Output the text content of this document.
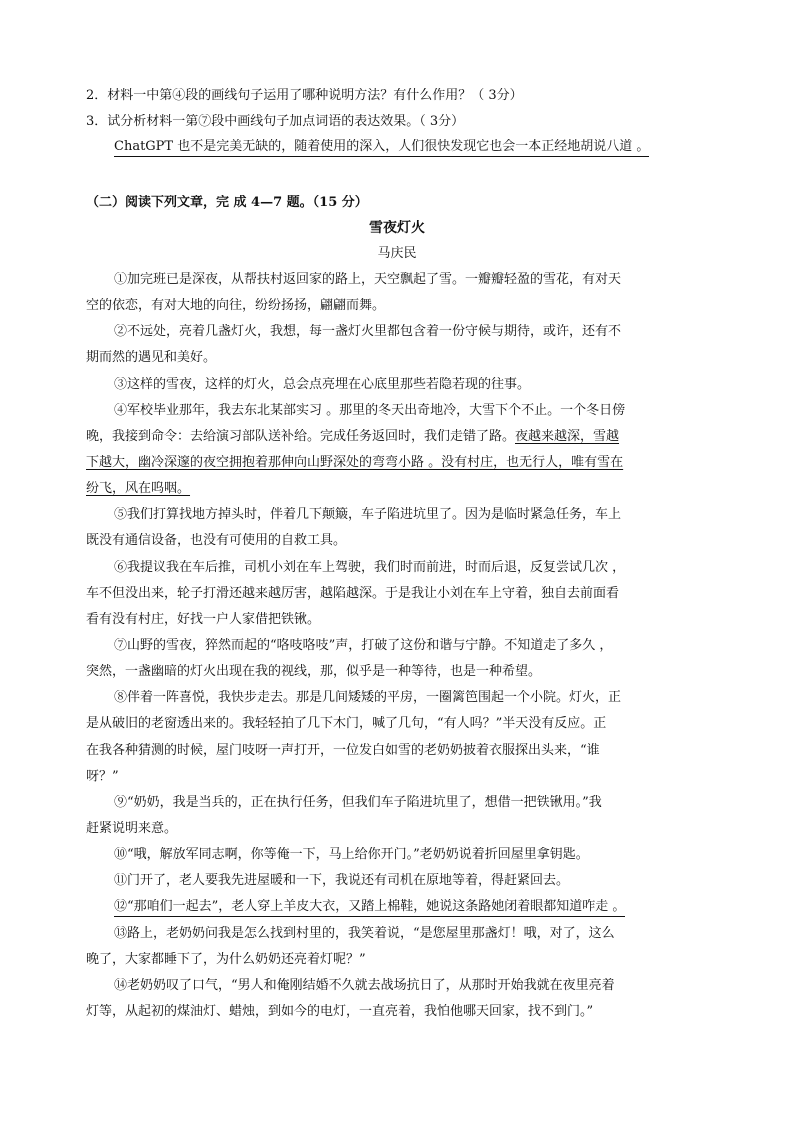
2．材料一中第④段的画线句子运用了哪种说明方法？有什么作用？（ 3分）
3．试分析材料一第⑦段中画线句子加点词语的表达效果。（ 3分）
ChatGPT 也不是完美无缺的，随着使用的深入，人们很快发现它也会一本正经地胡说八道 。
（二）阅读下列文章，完 成 4—7 题。（15 分）
雪夜灯火
马庆民
①加完班已是深夜，从帮扶村返回家的路上，天空飘起了雪。一瓣瓣轻盈的雪花，有对天
空的依恋，有对大地的向往，纷纷扬扬，翩翩而舞。
②不远处，亮着几盏灯火，我想，每一盏灯火里都包含着一份守候与期待，或许，还有不
期而然的遇见和美好。
③这样的雪夜，这样的灯火，总会点亮埋在心底里那些若隐若现的往事。
④军校毕业那年，我去东北某部实习 。那里的冬天出奇地冷，大雪下个不止。一个冬日傍
晚，我接到命令：去给演习部队送补给。完成任务返回时，我们走错了路。夜越来越深，雪越
下越大，幽冷深邃的夜空拥抱着那伸向山野深处的弯弯小路 。没有村庄，也无行人，唯有雪在
纷飞，风在呜咽。
⑤我们打算找地方掉头时，伴着几下颠簸，车子陷进坑里了。因为是临时紧急任务，车上
既没有通信设备，也没有可使用的自救工具。
⑥我提议我在车后推，司机小刘在车上驾驶，我们时而前进，时而后退，反复尝试几次 ，
车不但没出来，轮子打滑还越来越厉害，越陷越深。于是我让小刘在车上守着，独自去前面看
看有没有村庄，好找一户人家借把铁锹。
⑦山野的雪夜，猝然而起的“咯吱咯吱”声，打破了这份和谐与宁静。不知道走了多久 ，
突然，一盏幽暗的灯火出现在我的视线，那，似乎是一种等待，也是一种希望。
⑧伴着一阵喜悦，我快步走去。那是几间矮矮的平房，一圈篱笆围起一个小院。灯火，正
是从破旧的老窗透出来的。我轻轻拍了几下木门，喊了几句，“有人吗？”半天没有反应。正
在我各种猜测的时候，屋门吱呀一声打开，一位发白如雪的老奶奶披着衣服探出头来，“谁
呀？”
⑨“奶奶，我是当兵的，正在执行任务，但我们车子陷进坑里了，想借一把铁锹用。”我
赶紧说明来意。
⑩“哦，解放军同志啊，你等俺一下，马上给你开门。”老奶奶说着折回屋里拿钥匙。
⑪门开了，老人要我先进屋暖和一下，我说还有司机在原地等着，得赶紧回去。
⑫“那咱们一起去”，老人穿上羊皮大衣，又踏上棉鞋，她说这条路她闭着眼都知道咋走 。
⑬路上，老奶奶问我是怎么找到村里的，我笑着说，“是您屋里那盏灯！哦，对了，这么
晚了，大家都睡下了，为什么奶奶还亮着灯呢？”
⑭老奶奶叹了口气，“男人和俺刚结婚不久就去战场抗日了，从那时开始我就在夜里亮着
灯等，从起初的煤油灯、蜡烛，到如今的电灯，一直亮着，我怕他哪天回家，找不到门。”
